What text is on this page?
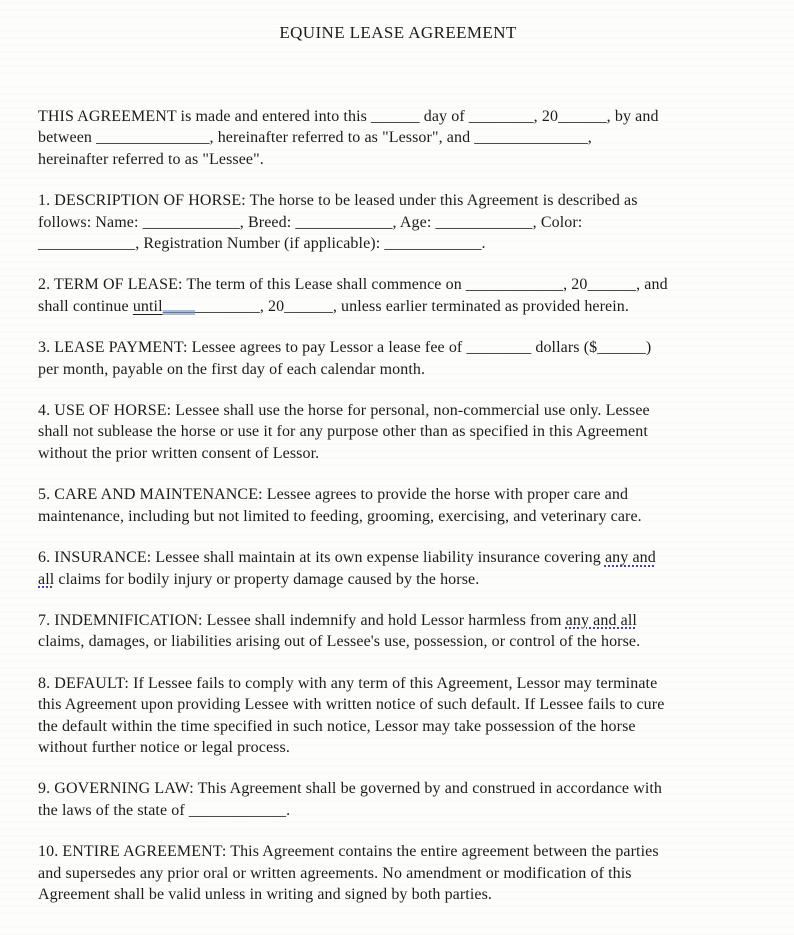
EQUINE LEASE AGREEMENT
THIS AGREEMENT is made and entered into this ______ day of ________, 20______, by and
between ______________, hereinafter referred to as "Lessor", and ______________,
hereinafter referred to as "Lessee".
1. DESCRIPTION OF HORSE: The horse to be leased under this Agreement is described as
follows: Name: ____________, Breed: ____________, Age: ____________, Color:
____________, Registration Number (if applicable): ____________.
2. TERM OF LEASE: The term of this Lease shall commence on ____________, 20______, and
shall continue until____________, 20______, unless earlier terminated as provided herein.
3. LEASE PAYMENT: Lessee agrees to pay Lessor a lease fee of ________ dollars ($______)
per month, payable on the first day of each calendar month.
4. USE OF HORSE: Lessee shall use the horse for personal, non-commercial use only. Lessee
shall not sublease the horse or use it for any purpose other than as specified in this Agreement
without the prior written consent of Lessor.
5. CARE AND MAINTENANCE: Lessee agrees to provide the horse with proper care and
maintenance, including but not limited to feeding, grooming, exercising, and veterinary care.
6. INSURANCE: Lessee shall maintain at its own expense liability insurance covering any and
all claims for bodily injury or property damage caused by the horse.
7. INDEMNIFICATION: Lessee shall indemnify and hold Lessor harmless from any and all
claims, damages, or liabilities arising out of Lessee's use, possession, or control of the horse.
8. DEFAULT: If Lessee fails to comply with any term of this Agreement, Lessor may terminate
this Agreement upon providing Lessee with written notice of such default. If Lessee fails to cure
the default within the time specified in such notice, Lessor may take possession of the horse
without further notice or legal process.
9. GOVERNING LAW: This Agreement shall be governed by and construed in accordance with
the laws of the state of ____________.
10. ENTIRE AGREEMENT: This Agreement contains the entire agreement between the parties
and supersedes any prior oral or written agreements. No amendment or modification of this
Agreement shall be valid unless in writing and signed by both parties.
